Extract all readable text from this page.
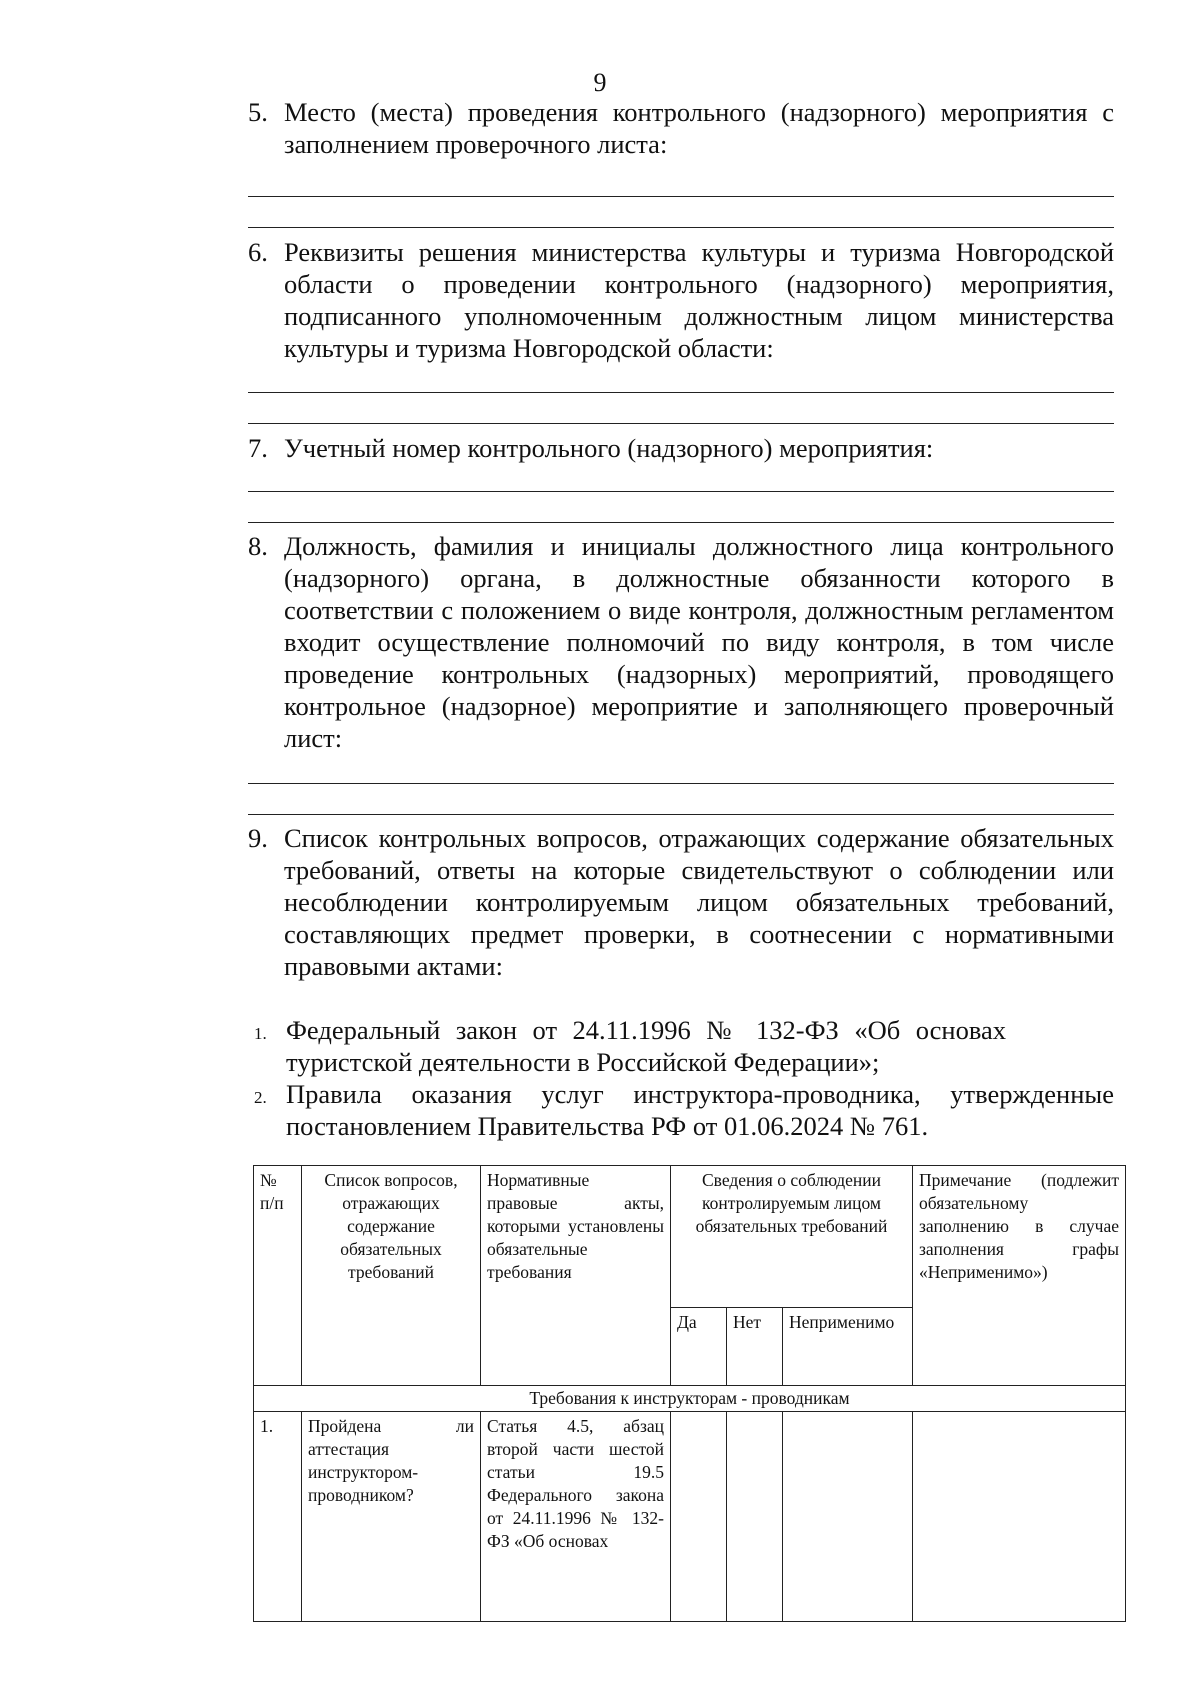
9
5. Место (места) проведения контрольного (надзорного) мероприятия с заполнением проверочного листа:
6. Реквизиты решения министерства культуры и туризма Новгородской области о проведении контрольного (надзорного) мероприятия, подписанного уполномоченным должностным лицом министерства культуры и туризма Новгородской области:
7. Учетный номер контрольного (надзорного) мероприятия:
8. Должность, фамилия и инициалы должностного лица контрольного (надзорного) органа, в должностные обязанности которого в соответствии с положением о виде контроля, должностным регламентом входит осуществление полномочий по виду контроля, в том числе проведение контрольных (надзорных) мероприятий, проводящего контрольное (надзорное) мероприятие и заполняющего проверочный лист:
9. Список контрольных вопросов, отражающих содержание обязательных требований, ответы на которые свидетельствуют о соблюдении или несоблюдении контролируемым лицом обязательных требований, составляющих предмет проверки, в соотнесении с нормативными правовыми актами:
1. Федеральный закон от 24.11.1996 № 132-ФЗ «Об основах туристской деятельности в Российской Федерации»;
2. Правила оказания услуг инструктора-проводника, утвержденные постановлением Правительства РФ от 01.06.2024 № 761.
№ п/п	Список вопросов, отражающих содержание обязательных требований	Нормативные правовые акты, которыми установлены обязательные требования	Сведения о соблюдении контролируемым лицом обязательных требований			Примечание (подлежит обязательному заполнению в случае заполнения графы «Неприменимо»)
			Да	Нет	Неприменимо	
Требования к инструкторам - проводникам						
1.	Пройдена ли аттестация инструктором-проводником?	Статья 4.5, абзац второй части шестой статьи 19.5 Федерального закона от 24.11.1996 № 132-ФЗ «Об основах				
